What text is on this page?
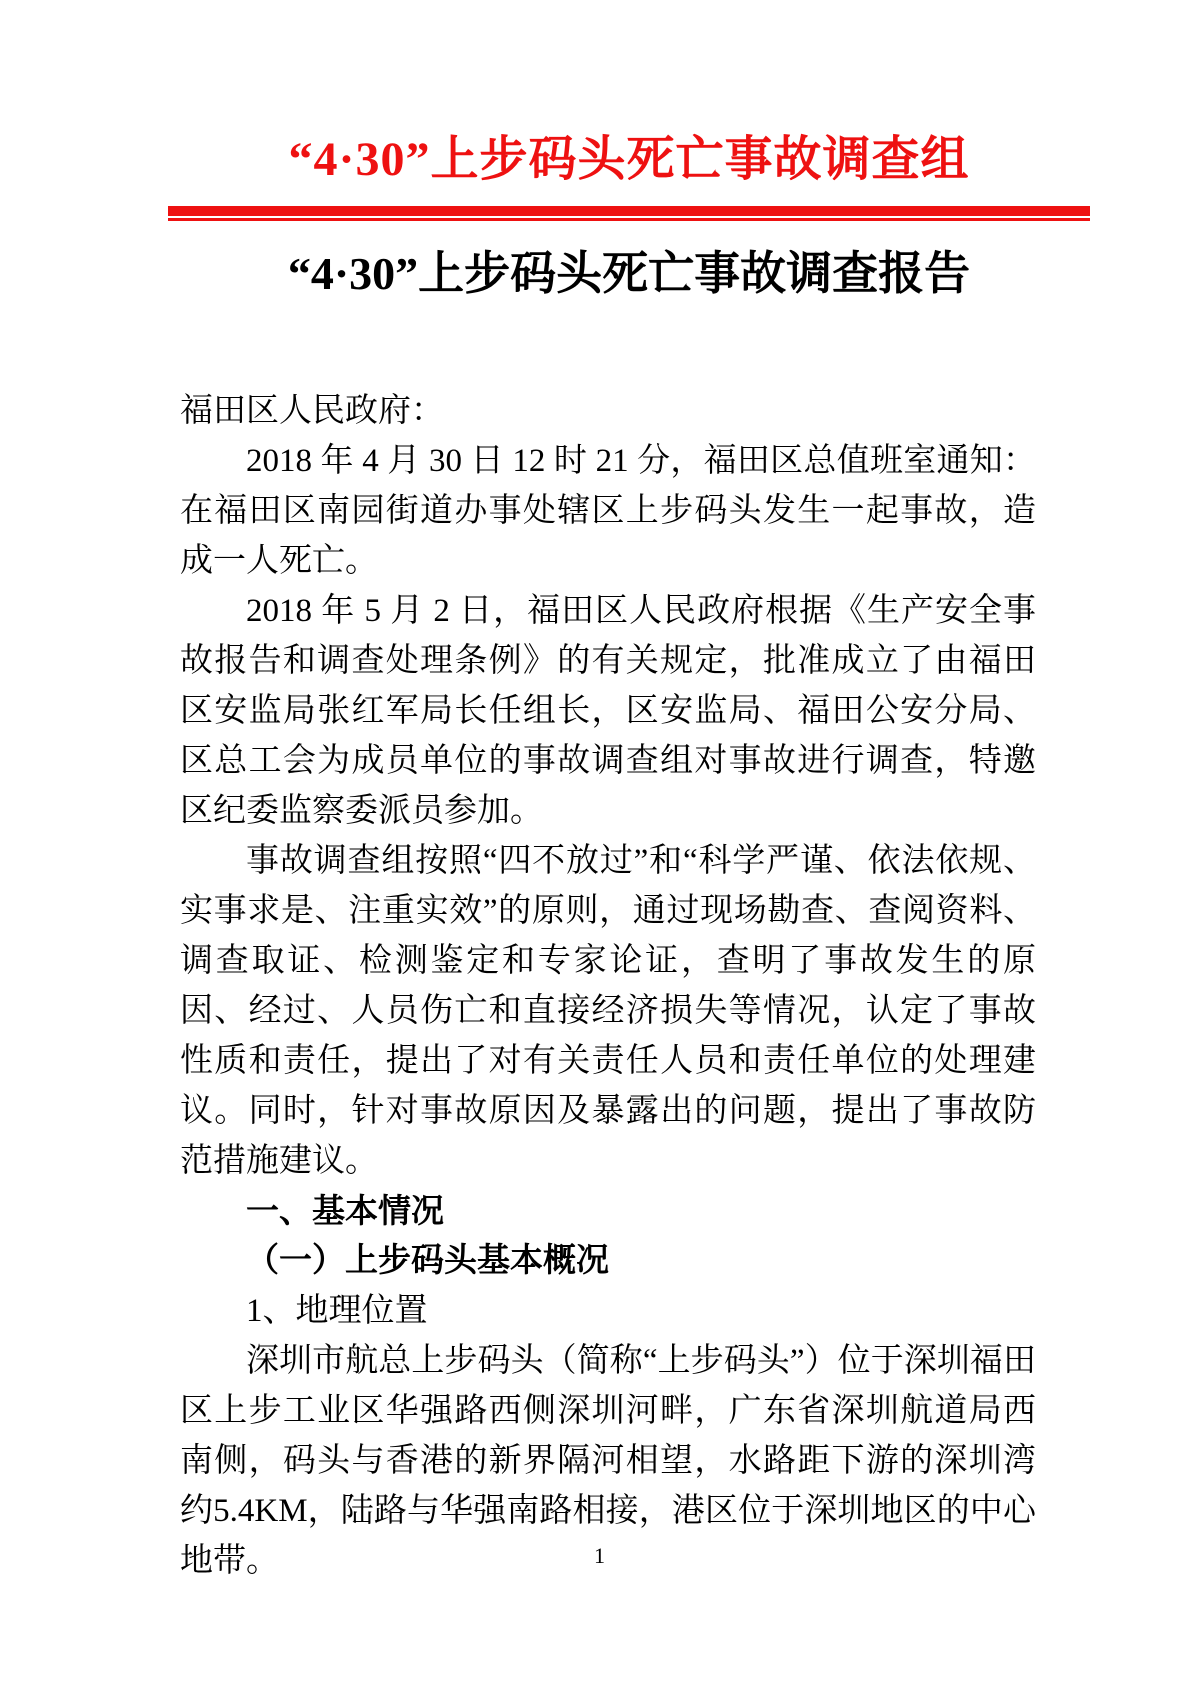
“4·30”上步码头死亡事故调查组
“4·30”上步码头死亡事故调查报告
福田区人民政府：
2018 年 4 月 30 日 12 时 21 分，福田区总值班室通知：在福田区南园街道办事处辖区上步码头发生一起事故，造成一人死亡。
2018 年 5 月 2 日，福田区人民政府根据《生产安全事故报告和调查处理条例》的有关规定，批准成立了由福田区安监局张红军局长任组长，区安监局、福田公安分局、区总工会为成员单位的事故调查组对事故进行调查，特邀区纪委监察委派员参加。
事故调查组按照“四不放过”和“科学严谨、依法依规、实事求是、注重实效”的原则，通过现场勘查、查阅资料、调查取证、检测鉴定和专家论证，查明了事故发生的原因、经过、人员伤亡和直接经济损失等情况，认定了事故性质和责任，提出了对有关责任人员和责任单位的处理建议。同时，针对事故原因及暴露出的问题，提出了事故防范措施建议。
一、基本情况
（一）上步码头基本概况
1、地理位置
深圳市航总上步码头（简称“上步码头”）位于深圳福田区上步工业区华强路西侧深圳河畔，广东省深圳航道局西南侧，码头与香港的新界隔河相望，水路距下游的深圳湾约5.4KM，陆路与华强南路相接，港区位于深圳地区的中心地带。	1
